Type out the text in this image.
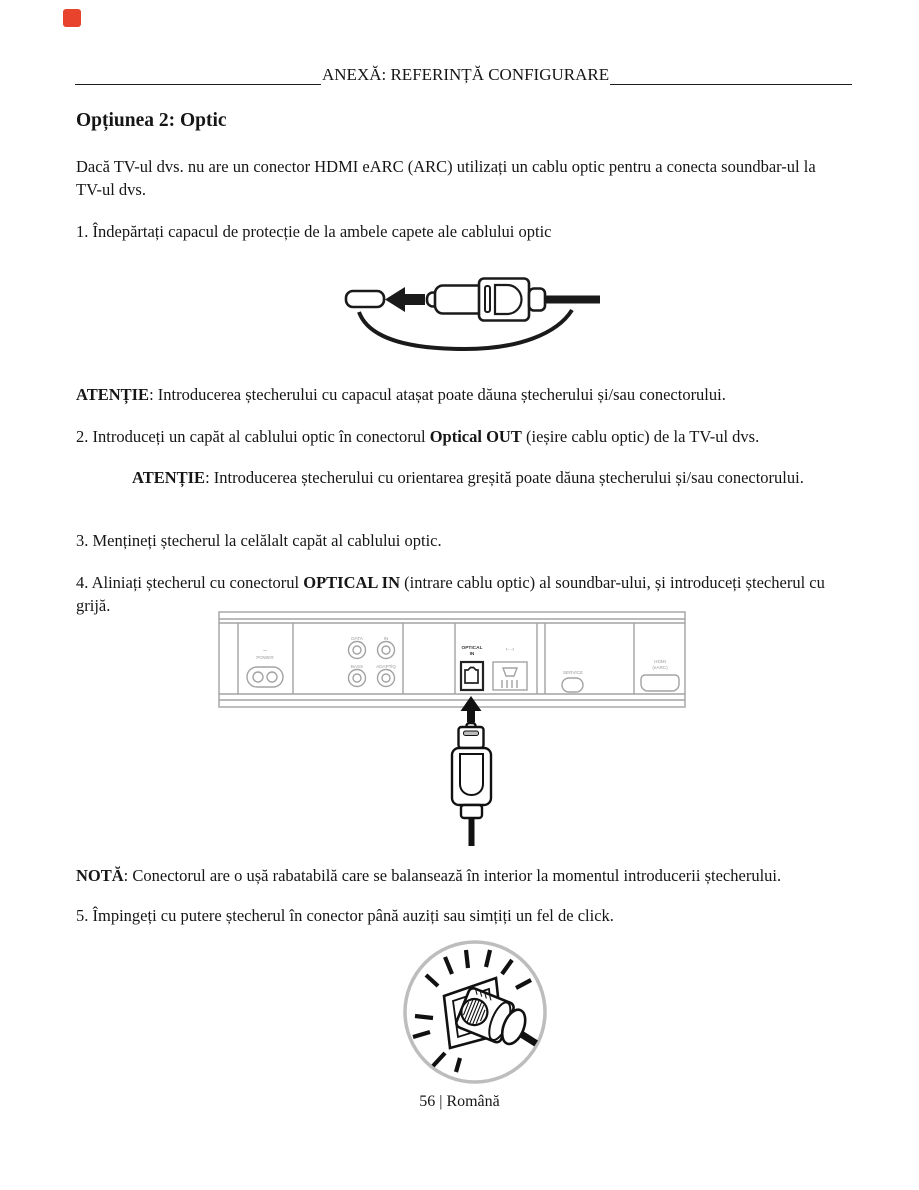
ANEXĂ: REFERINȚĂ CONFIGURARE
Opțiunea 2: Optic
Dacă TV-ul dvs. nu are un conector HDMI eARC (ARC) utilizați un cablu optic pentru a conecta soundbar-ul la TV-ul dvs.
1. Îndepărtați capacul de protecție de la ambele capete ale cablului optic
ATENȚIE: Introducerea ștecherului cu capacul atașat poate dăuna ștecherului și/sau conectorului.
2. Introduceți un capăt al cablului optic în conectorul Optical OUT (ieșire cablu optic) de la TV-ul dvs.
ATENȚIE: Introducerea ștecherului cu orientarea greșită poate dăuna ștecherului și/sau conectorului.
3. Mențineți ștecherul la celălalt capăt al cablului optic.
4. Aliniați ștecherul cu conectorul OPTICAL IN (intrare cablu optic) al soundbar-ului, și introduceți ștecherul cu grijă.
~
POWER
DATA	IN
BASS	ADAPTiQ
‹··›
SERVICE
HDMI
(eARC)
OPTICAL
IN
NOTĂ: Conectorul are o ușă rabatabilă care se balansează în interior la momentul introducerii ștecherului.
5. Împingeți cu putere ștecherul în conector până auziți sau simțiți un fel de click.
56 | Română
